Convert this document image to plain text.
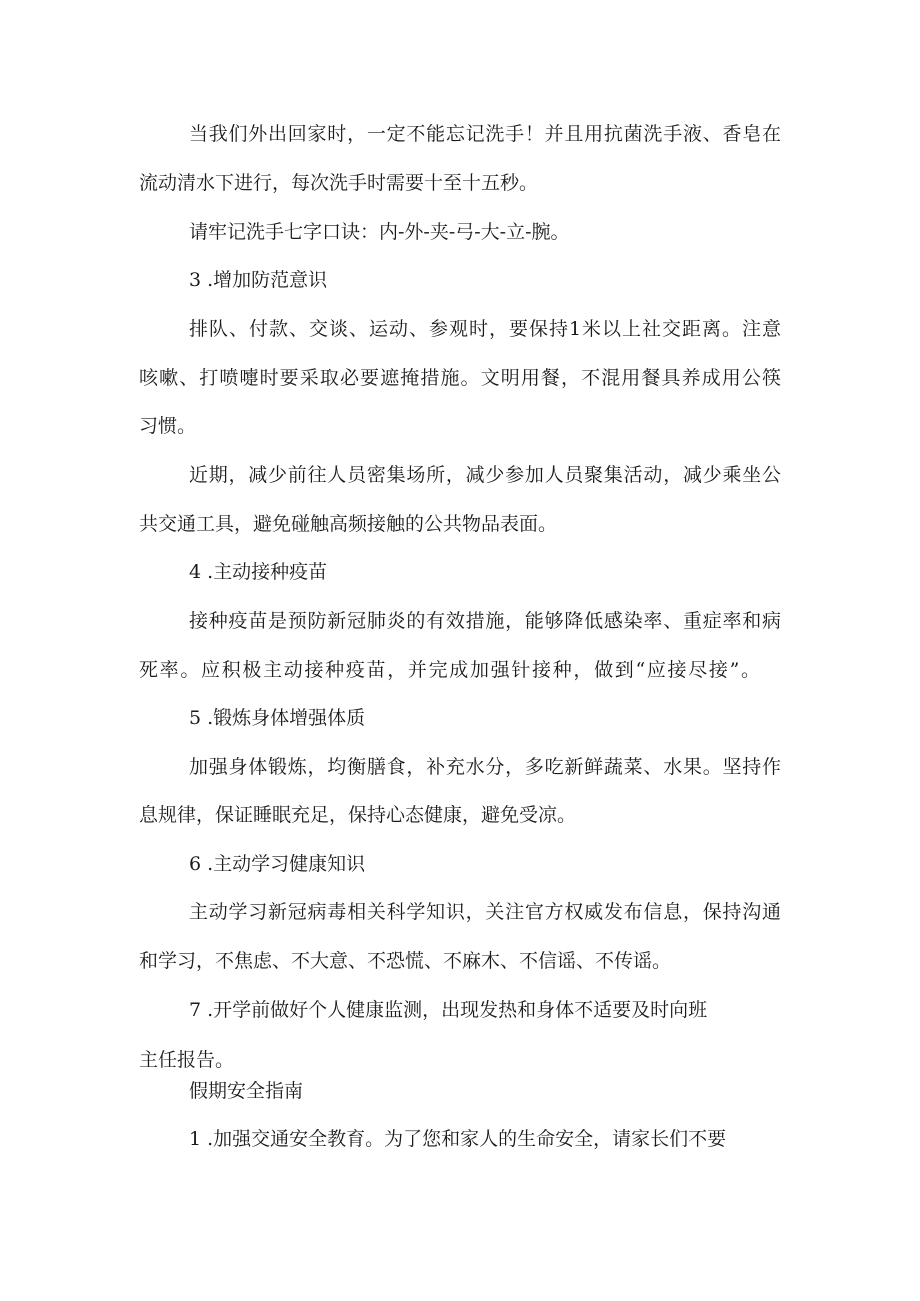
当我们外出回家时，一定不能忘记洗手！并且用抗菌洗手液、香皂在
流动清水下进行，每次洗手时需要十至十五秒。
请牢记洗手七字口诀：内-外-夹-弓-大-立-腕。
3 .增加防范意识
排队、付款、交谈、运动、参观时，要保持1米以上社交距离。注意
咳嗽、打喷嚏时要采取必要遮掩措施。文明用餐，不混用餐具养成用公筷
习惯。
近期，减少前往人员密集场所，减少参加人员聚集活动，减少乘坐公
共交通工具，避免碰触高频接触的公共物品表面。
4 .主动接种疫苗
接种疫苗是预防新冠肺炎的有效措施，能够降低感染率、重症率和病
死率。应积极主动接种疫苗，并完成加强针接种，做到“应接尽接”。
5 .锻炼身体增强体质
加强身体锻炼，均衡膳食，补充水分，多吃新鲜蔬菜、水果。坚持作
息规律，保证睡眠充足，保持心态健康，避免受凉。
6 .主动学习健康知识
主动学习新冠病毒相关科学知识，关注官方权威发布信息，保持沟通
和学习，不焦虑、不大意、不恐慌、不麻木、不信谣、不传谣。
7 .开学前做好个人健康监测，出现发热和身体不适要及时向班
主任报告。
假期安全指南
1 .加强交通安全教育。为了您和家人的生命安全，请家长们不要
